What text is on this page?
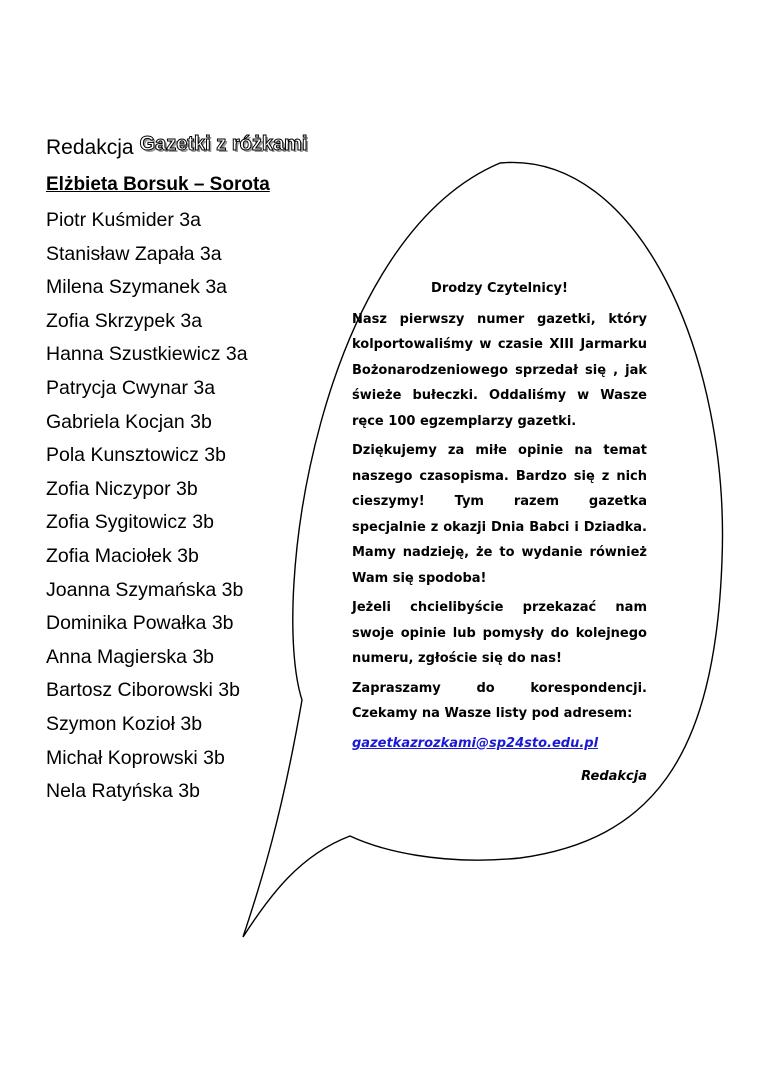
Redakcja Gazetki z różkami
Elżbieta Borsuk – Sorota
Piotr Kuśmider 3a
Stanisław Zapała 3a
Milena Szymanek 3a
Zofia Skrzypek 3a
Hanna Szustkiewicz 3a
Patrycja Cwynar 3a
Gabriela Kocjan 3b
Pola Kunsztowicz 3b
Zofia Niczypor 3b
Zofia Sygitowicz 3b
Zofia Maciołek 3b
Joanna Szymańska 3b
Dominika Powałka 3b
Anna Magierska 3b
Bartosz Ciborowski 3b
Szymon Kozioł 3b
Michał Koprowski 3b
Nela Ratyńska 3b
Drodzy Czytelnicy!

Nasz pierwszy numer gazetki, który kolportowaliśmy w czasie XIII Jarmarku Bożonarodzeniowego sprzedał się , jak świeże bułeczki. Oddaliśmy w Wasze ręce 100 egzemplarzy gazetki.

Dziękujemy za miłe opinie na temat naszego czasopisma. Bardzo się z nich cieszymy! Tym razem gazetka specjalnie z okazji Dnia Babci i Dziadka. Mamy nadzieję, że to wydanie również Wam się spodoba!

Jeżeli chcielibyście przekazać nam swoje opinie lub pomysły do kolejnego numeru, zgłoście się do nas!

Zapraszamy do korespondencji. Czekamy na Wasze listy pod adresem:

gazetkazrozkami@sp24sto.edu.pl
Redakcja
